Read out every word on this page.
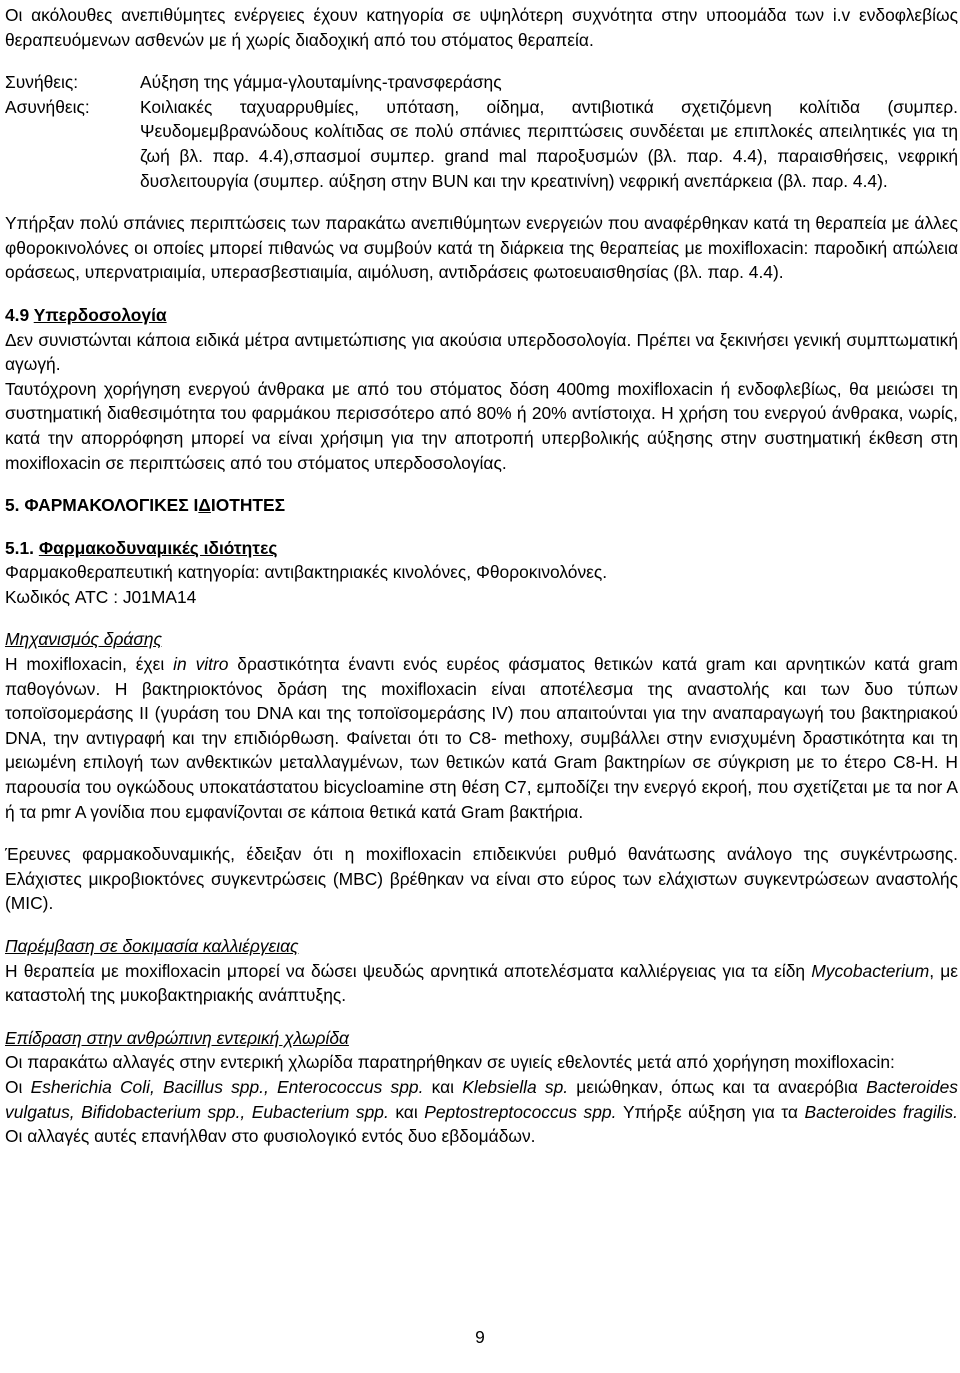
Οι ακόλουθες ανεπιθύμητες ενέργειες έχουν κατηγορία σε υψηλότερη συχνότητα στην υποομάδα των i.v ενδοφλεβίως θεραπευόμενων ασθενών με ή χωρίς διαδοχική από του στόματος θεραπεία.

Συνήθεις:	Αύξηση της γάμμα-γλουταμίνης-τρανσφεράσης
Ασυνήθεις:	Κοιλιακές ταχυαρρυθμίες, υπόταση, οίδημα, αντιβιοτικά σχετιζόμενη κολίτιδα (συμπερ. Ψευδομεμβρανώδους κολίτιδας σε πολύ σπάνιες περιπτώσεις συνδέεται με επιπλοκές απειλητικές για τη ζωή βλ. παρ. 4.4),σπασμοί συμπερ. grand mal παροξυσμών (βλ. παρ. 4.4), παραισθήσεις, νεφρική δυσλειτουργία (συμπερ. αύξηση στην BUN και την κρεατινίνη) νεφρική ανεπάρκεια (βλ. παρ. 4.4).

Υπήρξαν πολύ σπάνιες περιπτώσεις των παρακάτω ανεπιθύμητων ενεργειών που αναφέρθηκαν κατά τη θεραπεία με άλλες φθοροκινολόνες οι οποίες μπορεί πιθανώς να συμβούν κατά τη διάρκεια της θεραπείας με moxifloxacin: παροδική απώλεια οράσεως, υπερνατριαιμία, υπερασβεστιαιμία, αιμόλυση, αντιδράσεις φωτοευαισθησίας (βλ. παρ. 4.4).

4.9 Υπερδοσολογία

Δεν συνιστώνται κάποια ειδικά μέτρα αντιμετώπισης για ακούσια υπερδοσολογία. Πρέπει να ξεκινήσει γενική συμπτωματική αγωγή.

Ταυτόχρονη χορήγηση ενεργού άνθρακα με από του στόματος δόση 400mg moxifloxacin ή ενδοφλεβίως, θα μειώσει τη συστηματική διαθεσιμότητα του φαρμάκου περισσότερο από 80% ή 20% αντίστοιχα. Η χρήση του ενεργού άνθρακα, νωρίς, κατά την απορρόφηση μπορεί να είναι χρήσιμη για την αποτροπή υπερβολικής αύξησης στην συστηματική έκθεση στη moxifloxacin σε περιπτώσεις από του στόματος υπερδοσολογίας.

5. ΦΑΡΜΑΚΟΛΟΓΙΚΕΣ ΙΔΙΟΤΗΤΕΣ

5.1. Φαρμακοδυναμικές ιδιότητες

Φαρμακοθεραπευτική κατηγορία: αντιβακτηριακές κινολόνες, Φθοροκινολόνες.

Κωδικός ATC : J01MA14

Μηχανισμός δράσης

Η moxifloxacin, έχει in vitro δραστικότητα έναντι ενός ευρέος φάσματος θετικών κατά gram και αρνητικών κατά gram παθογόνων. Η βακτηριοκτόνος δράση της moxifloxacin είναι αποτέλεσμα της αναστολής και των δυο τύπων τοποϊσομεράσης II (γυράση του DNA και της τοποϊσομεράσης IV) που απαιτούνται για την αναπαραγωγή του βακτηριακού DNA, την αντιγραφή και την επιδιόρθωση. Φαίνεται ότι το C8- methoxy, συμβάλλει στην ενισχυμένη δραστικότητα και τη μειωμένη επιλογή των ανθεκτικών μεταλλαγμένων, των θετικών κατά Gram βακτηρίων σε σύγκριση με το έτερο C8-H. Η παρουσία του ογκώδους υποκατάστατου bicycloamine στη θέση C7, εμποδίζει την ενεργό εκροή, που σχετίζεται με τα nor A ή τα pmr A γονίδια που εμφανίζονται σε κάποια θετικά κατά Gram βακτήρια.

Έρευνες φαρμακοδυναμικής, έδειξαν ότι η moxifloxacin επιδεικνύει ρυθμό θανάτωσης ανάλογο της συγκέντρωσης. Ελάχιστες μικροβιοκτόνες συγκεντρώσεις (MBC) βρέθηκαν να είναι στο εύρος των ελάχιστων συγκεντρώσεων αναστολής (MIC).

Παρέμβαση σε δοκιμασία καλλιέργειας

Η θεραπεία με moxifloxacin μπορεί να δώσει ψευδώς αρνητικά αποτελέσματα καλλιέργειας για τα είδη Mycobacterium, με καταστολή της μυκοβακτηριακής ανάπτυξης.

Επίδραση στην ανθρώπινη εντερική χλωρίδα

Οι παρακάτω αλλαγές στην εντερική χλωρίδα παρατηρήθηκαν σε υγιείς εθελοντές μετά από χορήγηση moxifloxacin:

Οι Esherichia Coli, Bacillus spp., Enterococcus spp. και Klebsiella sp. μειώθηκαν, όπως και τα αναερόβια Bacteroides vulgatus, Bifidobacterium spp., Eubacterium spp. και Peptostreptococcus spp. Υπήρξε αύξηση για τα Bacteroides fragilis. Οι αλλαγές αυτές επανήλθαν στο φυσιολογικό εντός δυο εβδομάδων.

9
